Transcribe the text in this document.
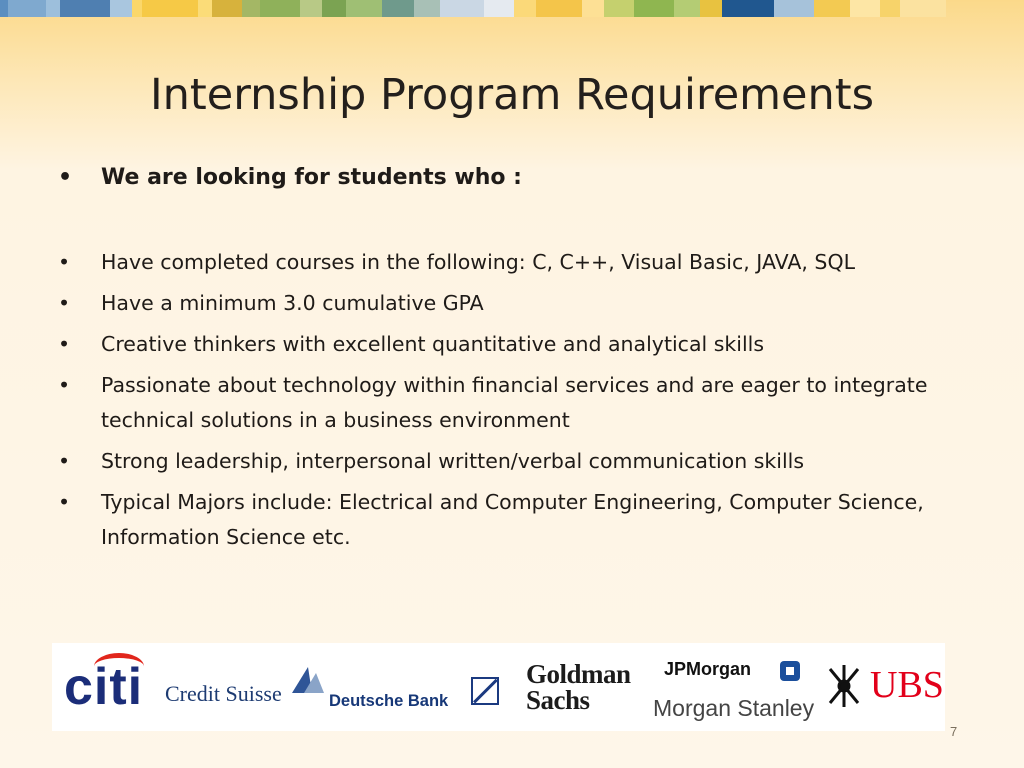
Internship Program Requirements
• We are looking for students who :
• Have completed courses in the following: C, C++, Visual Basic, JAVA, SQL
• Have a minimum 3.0 cumulative GPA
• Creative thinkers with excellent quantitative and analytical skills
• Passionate about technology within financial services and are eager to integrate technical solutions in a business environment
• Strong leadership, interpersonal written/verbal communication skills
• Typical Majors include: Electrical and Computer Engineering, Computer Science, Information Science etc.
citi Credit Suisse	Deutsche Bank
Goldman Sachs
JPMorgan
Morgan Stanley
UBS
7
